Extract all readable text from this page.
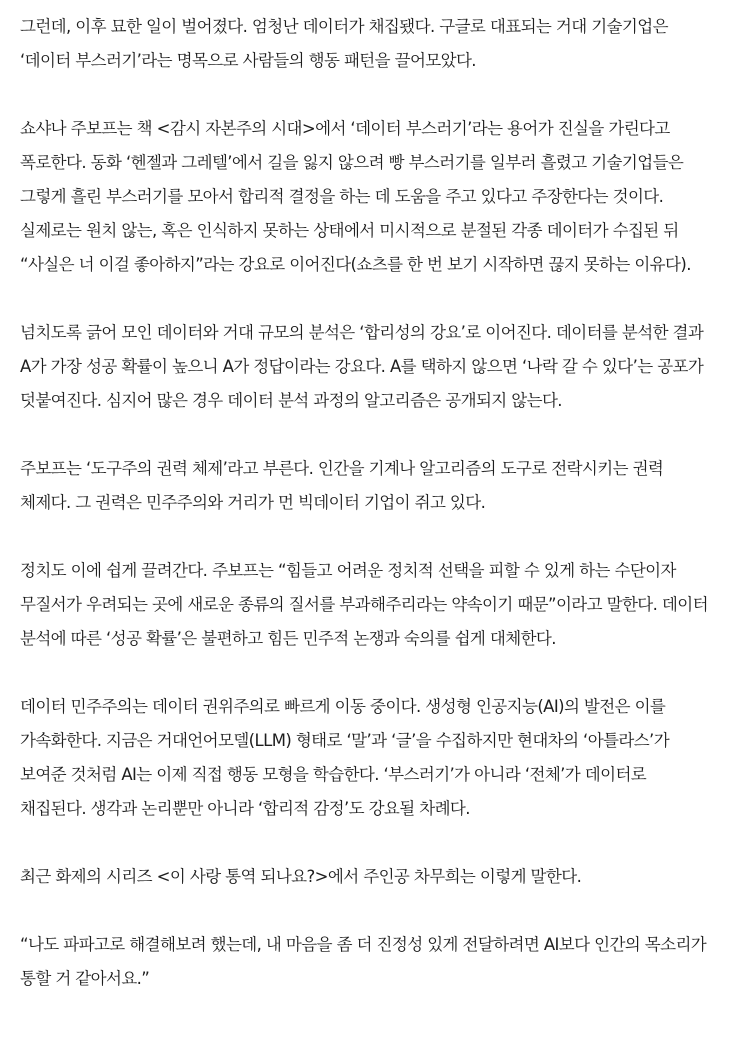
그런데, 이후 묘한 일이 벌어졌다. 엄청난 데이터가 채집됐다. 구글로 대표되는 거대 기술기업은 ‘데이터 부스러기’라는 명목으로 사람들의 행동 패턴을 끌어모았다.

쇼샤나 주보프는 책 <감시 자본주의 시대>에서 ‘데이터 부스러기’라는 용어가 진실을 가린다고 폭로한다. 동화 ‘헨젤과 그레텔’에서 길을 잃지 않으려 빵 부스러기를 일부러 흘렸고 기술기업들은 그렇게 흘린 부스러기를 모아서 합리적 결정을 하는 데 도움을 주고 있다고 주장한다는 것이다. 실제로는 원치 않는, 혹은 인식하지 못하는 상태에서 미시적으로 분절된 각종 데이터가 수집된 뒤 “사실은 너 이걸 좋아하지”라는 강요로 이어진다(쇼츠를 한 번 보기 시작하면 끊지 못하는 이유다).

넘치도록 긁어 모인 데이터와 거대 규모의 분석은 ‘합리성의 강요’로 이어진다. 데이터를 분석한 결과 A가 가장 성공 확률이 높으니 A가 정답이라는 강요다. A를 택하지 않으면 ‘나락 갈 수 있다’는 공포가 덧붙여진다. 심지어 많은 경우 데이터 분석 과정의 알고리즘은 공개되지 않는다.

주보프는 ‘도구주의 권력 체제’라고 부른다. 인간을 기계나 알고리즘의 도구로 전락시키는 권력 체제다. 그 권력은 민주주의와 거리가 먼 빅데이터 기업이 쥐고 있다.

정치도 이에 쉽게 끌려간다. 주보프는 “힘들고 어려운 정치적 선택을 피할 수 있게 하는 수단이자 무질서가 우려되는 곳에 새로운 종류의 질서를 부과해주리라는 약속이기 때문”이라고 말한다. 데이터 분석에 따른 ‘성공 확률’은 불편하고 힘든 민주적 논쟁과 숙의를 쉽게 대체한다.

데이터 민주주의는 데이터 권위주의로 빠르게 이동 중이다. 생성형 인공지능(AI)의 발전은 이를 가속화한다. 지금은 거대언어모델(LLM) 형태로 ‘말’과 ‘글’을 수집하지만 현대차의 ‘아틀라스’가 보여준 것처럼 AI는 이제 직접 행동 모형을 학습한다. ‘부스러기’가 아니라 ‘전체’가 데이터로 채집된다. 생각과 논리뿐만 아니라 ‘합리적 감정’도 강요될 차례다.

최근 화제의 시리즈 <이 사랑 통역 되나요?>에서 주인공 차무희는 이렇게 말한다.

“나도 파파고로 해결해보려 했는데, 내 마음을 좀 더 진정성 있게 전달하려면 AI보다 인간의 목소리가 통할 거 같아서요.”
